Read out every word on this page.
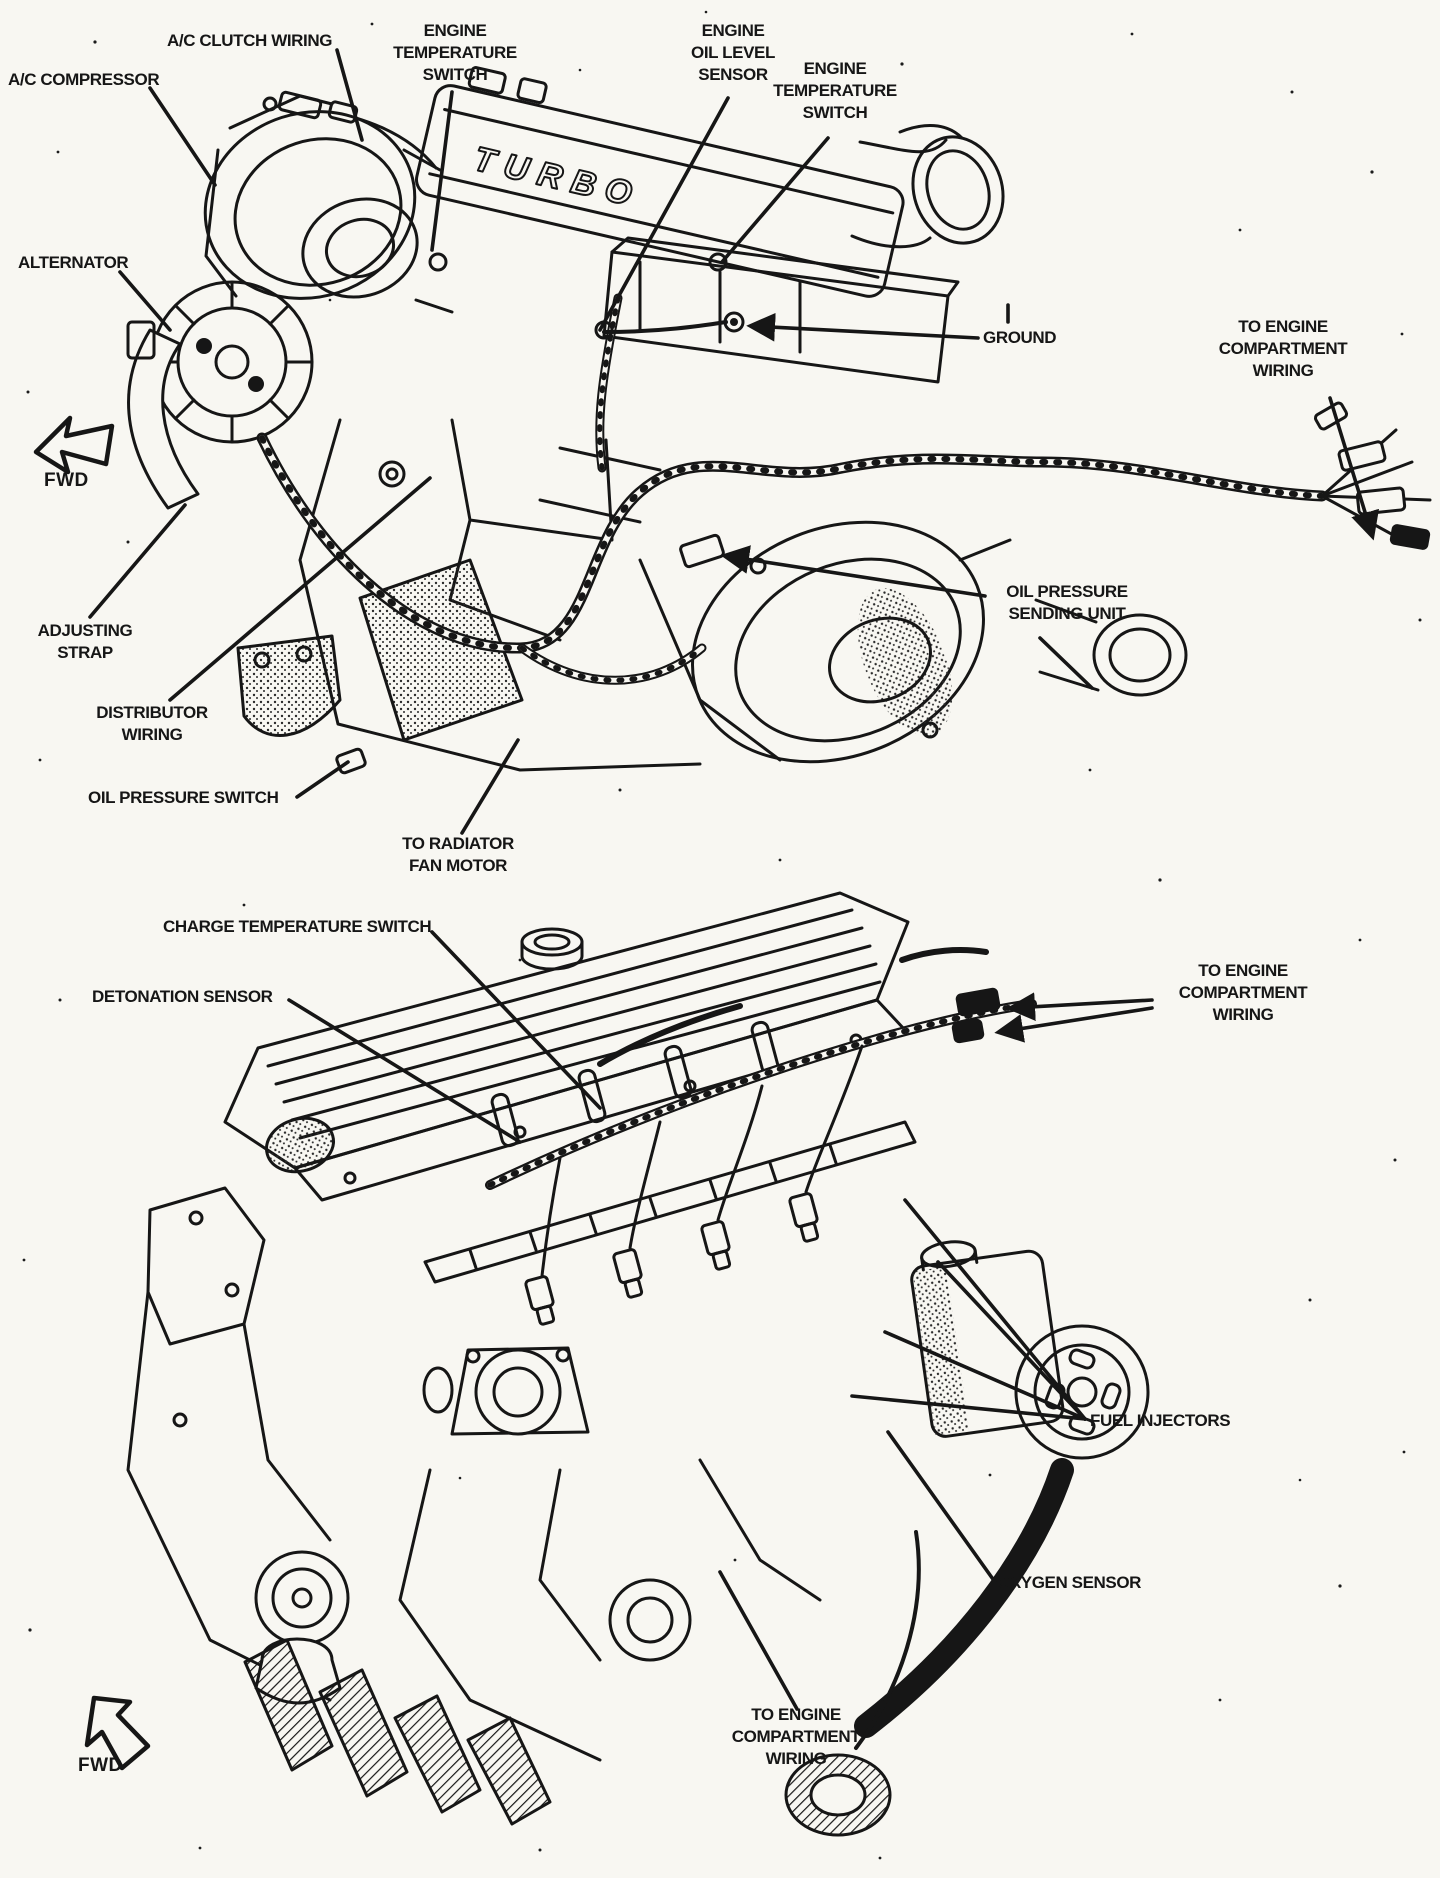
TURBO
A/C COMPRESSOR
A/C CLUTCH WIRING
ENGINE
TEMPERATURE
SWITCH
ENGINE
OIL LEVEL
SENSOR	ENGINE
TEMPERATURE
SWITCH
GROUND
TO ENGINE
COMPARTMENT
WIRING
ALTERNATOR
FWD
ADJUSTING
STRAP
DISTRIBUTOR
WIRING
OIL PRESSURE SWITCH
TO RADIATOR
FAN MOTOR
OIL PRESSURE
SENDING UNIT
CHARGE TEMPERATURE SWITCH
DETONATION SENSOR
TO ENGINE
COMPARTMENT
WIRING
FUEL INJECTORS
OXYGEN SENSOR
TO ENGINE
COMPARTMENT
WIRING
FWD
